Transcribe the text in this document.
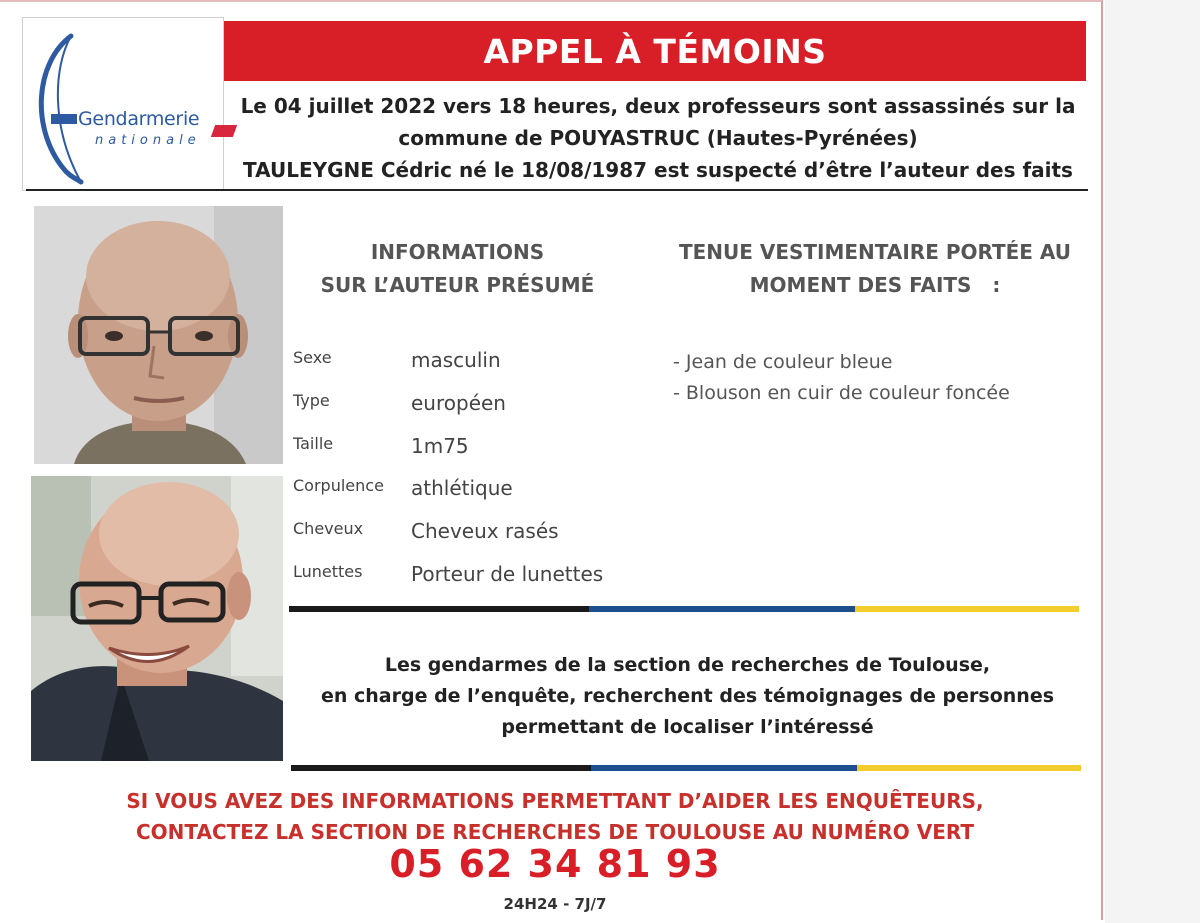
Gendarmerie
nationale
APPEL À TÉMOINS
Le 04 juillet 2022 vers 18 heures, deux professeurs sont assassinés sur la
commune de POUYASTRUC (Hautes-Pyrénées)
TAULEYGNE Cédric né le 18/08/1987 est suspecté d’être l’auteur des faits
INFORMATIONS
SUR L’AUTEUR PRÉSUMÉ
TENUE VESTIMENTAIRE PORTÉE AU
MOMENT DES FAITS   :
Sexe	masculin
Type	européen
Taille	1m75
Corpulence athlétique
Cheveux Cheveux rasés
Lunettes Porteur de lunettes
- Jean de couleur bleue
- Blouson en cuir de couleur foncée
Les gendarmes de la section de recherches de Toulouse,
en charge de l’enquête, recherchent des témoignages de personnes
permettant de localiser l’intéressé
SI VOUS AVEZ DES INFORMATIONS PERMETTANT D’AIDER LES ENQUÊTEURS,
CONTACTEZ LA SECTION DE RECHERCHES DE TOULOUSE AU NUMÉRO VERT
05 62 34 81 93
24H24 - 7J/7
